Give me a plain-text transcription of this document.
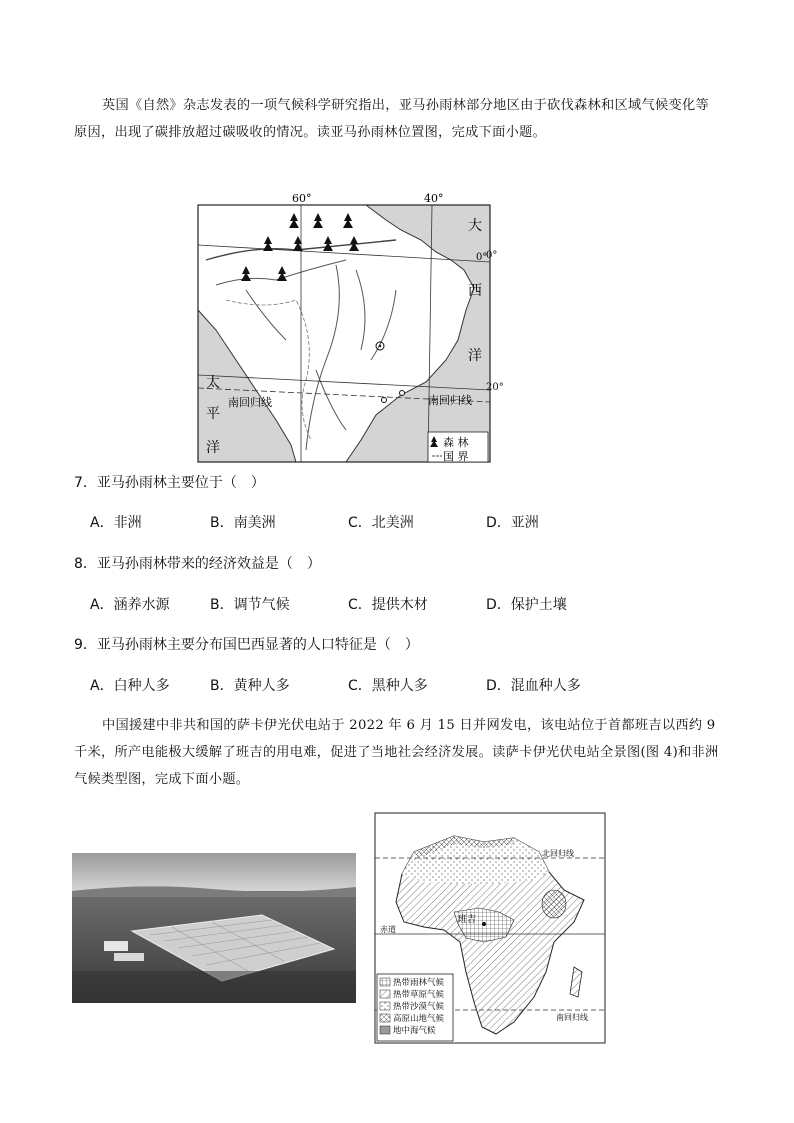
英国《自然》杂志发表的一项气候科学研究指出，亚马孙雨林部分地区由于砍伐森林和区域气候变化等原因，出现了碳排放超过碳吸收的情况。读亚马孙雨林位置图，完成下面小题。
60°	40°
大
西
洋
太
平
洋
南回归线	南回归线
0°
森 林
国 界
0°
20°
7．亚马孙雨林主要位于（　）
A．非洲	B．南美洲	C．北美洲	D．亚洲
8．亚马孙雨林带来的经济效益是（　）
A．涵养水源	B．调节气候	C．提供木材	D．保护土壤
9．亚马孙雨林主要分布国巴西显著的人口特征是（　）
A．白种人多	B．黄种人多	C．黑种人多	D．混血种人多
中国援建中非共和国的萨卡伊光伏电站于 2022 年 6 月 15 日并网发电，该电站位于首都班吉以西约 9 千米，所产电能极大缓解了班吉的用电难，促进了当地社会经济发展。读萨卡伊光伏电站全景图(图 4)和非洲气候类型图，完成下面小题。
北回归线
赤道
南回归线
班吉
热带雨林气候
热带草原气候
热带沙漠气候
高原山地气候
地中海气候
